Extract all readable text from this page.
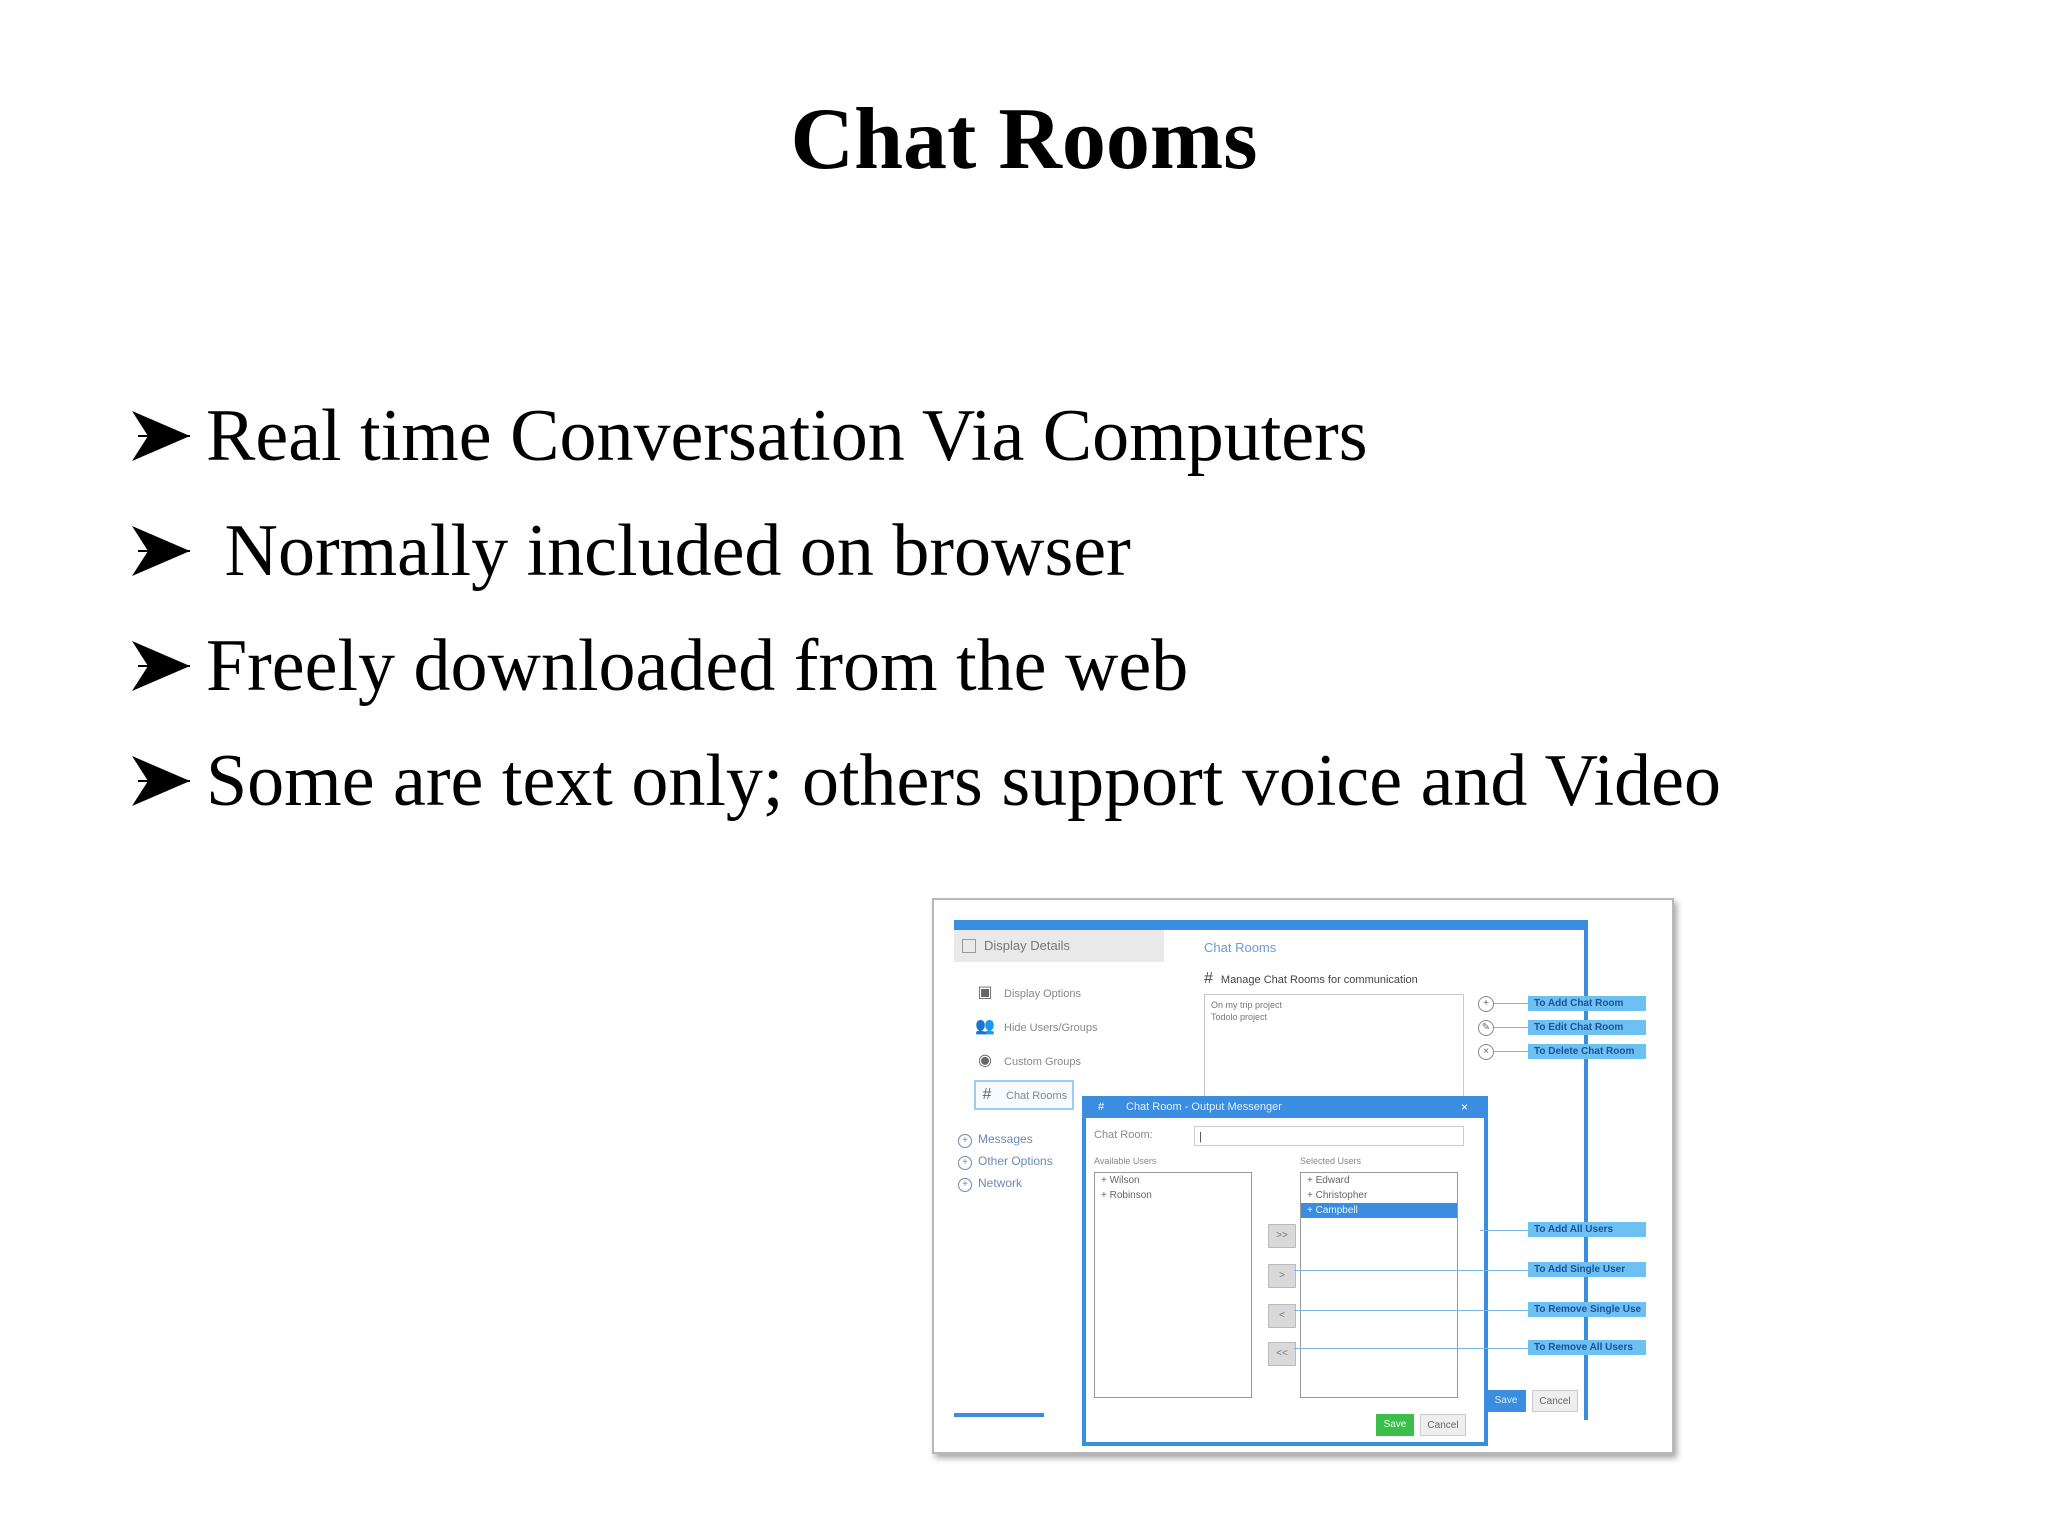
Chat Rooms
Real time Conversation Via Computers
Normally included on browser
Freely downloaded from the web
Some are text only; others support voice and Video
Display Details
▣ Display Options
👥 Hide Users/Groups
◉ Custom Groups
# Chat Rooms
+ Messages
+ Other Options
+ Network
Chat Rooms
# Manage Chat Rooms for communication
On my trip project
Todolo project
+
✎
×
To Add Chat Room
To Edit Chat Room
To Delete Chat Room
Save	Cancel
# Chat Room - Output Messenger	×
Chat Room:	|
Available Users	Selected Users
+ Wilson
+ Robinson
+ Edward
+ Christopher
+ Campbell
>>
>
<
<<
Save	Cancel
To Add All Users
To Add Single User
To Remove Single Use
To Remove All Users
